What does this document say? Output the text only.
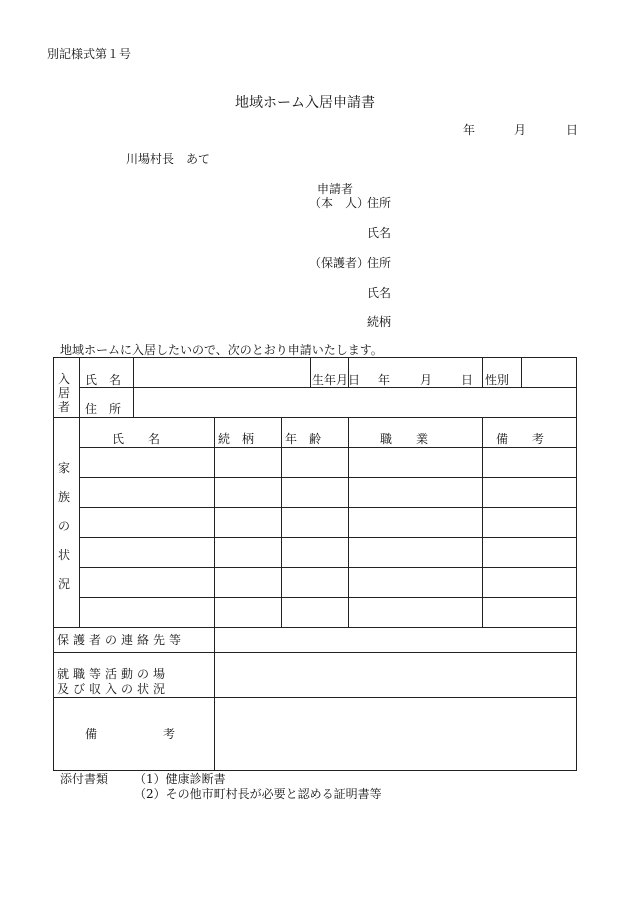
別記様式第１号
地域ホーム入居申請書
年	月	日
川場村長　あて
申請者
（本　人）
住所
氏名
（保護者）
住所
氏名
続柄
地域ホームに入居したいので、次のとおり申請いたします。
入
居
者
氏　名	生年月日 年 月 日 性別
住　所
家
族
の
状
況
氏　　名	続　柄	年　齢	職　　業	備　　考
保護者の連絡先等
就職等活動の場
及び収入の状況
備　　考
添付書類 （1）健康診断書
（2）その他市町村長が必要と認める証明書等
